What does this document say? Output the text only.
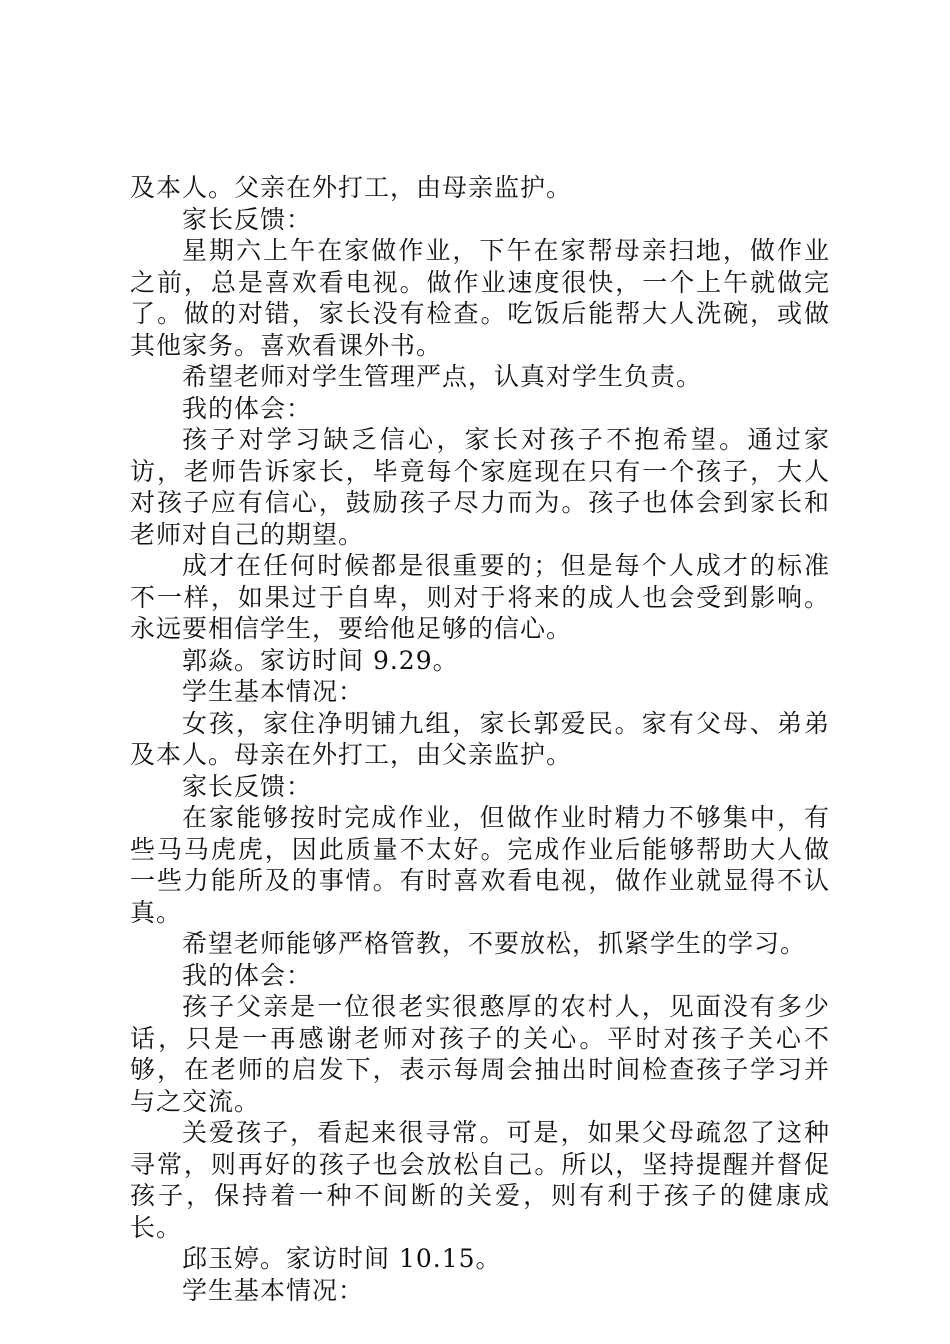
及本人。父亲在外打工，由母亲监护。

家长反馈：

星期六上午在家做作业，下午在家帮母亲扫地，做作业之前，总是喜欢看电视。做作业速度很快，一个上午就做完了。做的对错，家长没有检查。吃饭后能帮大人洗碗，或做其他家务。喜欢看课外书。

希望老师对学生管理严点，认真对学生负责。

我的体会：

孩子对学习缺乏信心，家长对孩子不抱希望。通过家访，老师告诉家长，毕竟每个家庭现在只有一个孩子，大人对孩子应有信心，鼓励孩子尽力而为。孩子也体会到家长和老师对自己的期望。

成才在任何时候都是很重要的；但是每个人成才的标准不一样，如果过于自卑，则对于将来的成人也会受到影响。永远要相信学生，要给他足够的信心。

郭焱。家访时间 9.29。

学生基本情况：

女孩，家住净明铺九组，家长郭爱民。家有父母、弟弟及本人。母亲在外打工，由父亲监护。

家长反馈：

在家能够按时完成作业，但做作业时精力不够集中，有些马马虎虎，因此质量不太好。完成作业后能够帮助大人做一些力能所及的事情。有时喜欢看电视，做作业就显得不认真。

希望老师能够严格管教，不要放松，抓紧学生的学习。

我的体会：

孩子父亲是一位很老实很憨厚的农村人，见面没有多少话，只是一再感谢老师对孩子的关心。平时对孩子关心不够，在老师的启发下，表示每周会抽出时间检查孩子学习并与之交流。

关爱孩子，看起来很寻常。可是，如果父母疏忽了这种寻常，则再好的孩子也会放松自己。所以，坚持提醒并督促孩子，保持着一种不间断的关爱，则有利于孩子的健康成长。

邱玉婷。家访时间 10.15。

学生基本情况：
